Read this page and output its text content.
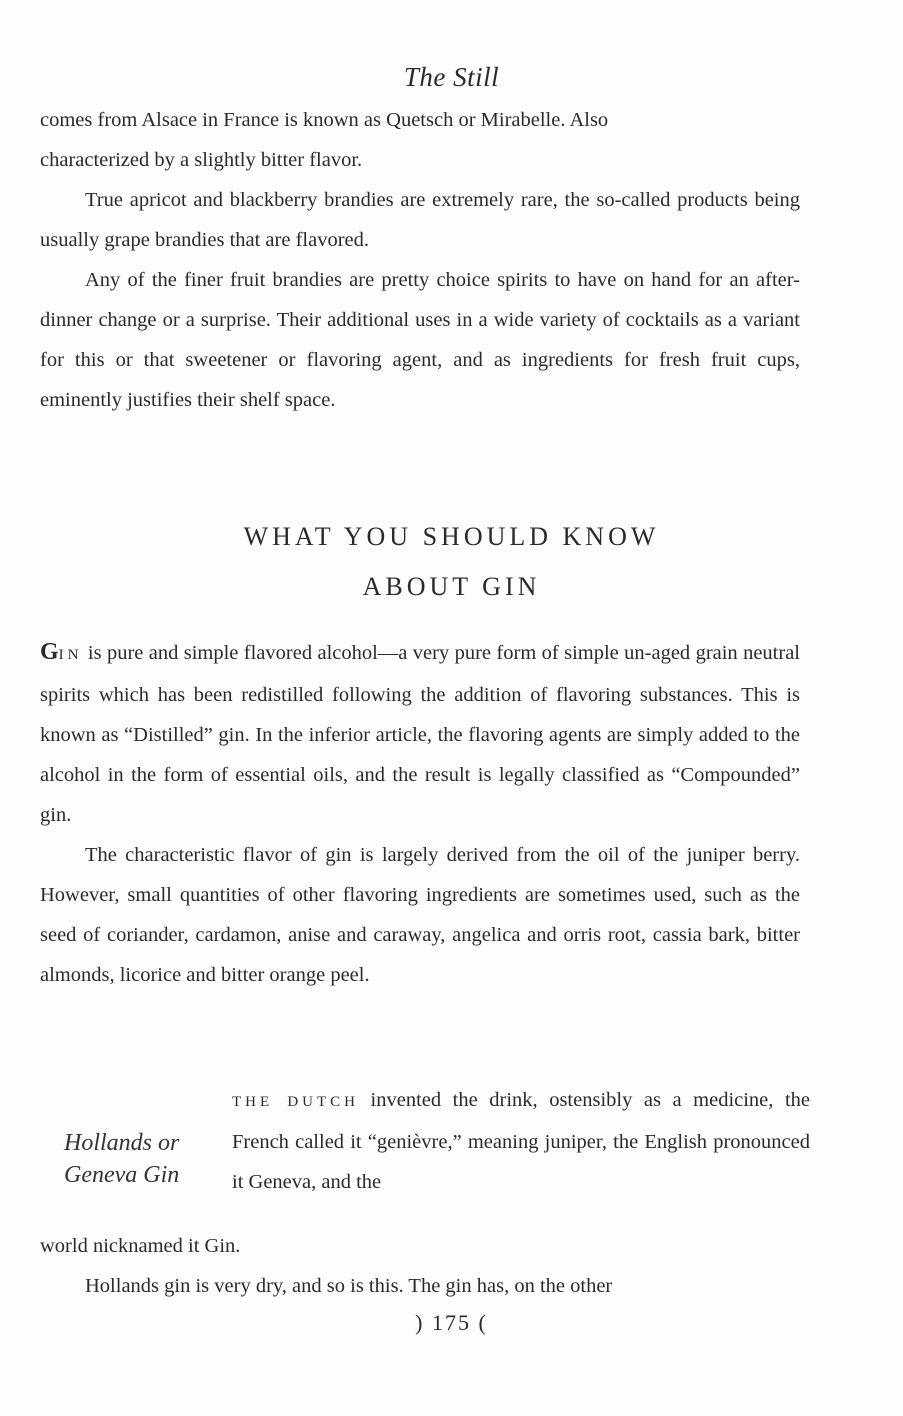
The Still

comes from Alsace in France is known as Quetsch or Mirabelle. Also
characterized by a slightly bitter flavor.

True apricot and blackberry brandies are extremely rare, the so-called products being usually grape brandies that are flavored.

Any of the finer fruit brandies are pretty choice spirits to have on hand for an after-dinner change or a surprise. Their additional uses in a wide variety of cocktails as a variant for this or that sweetener or flavoring agent, and as ingredients for fresh fruit cups, eminently justifies their shelf space.

WHAT YOU SHOULD KNOW
ABOUT GIN

GIN is pure and simple flavored alcohol—a very pure form of simple un-aged grain neutral spirits which has been redistilled following the addition of flavoring substances. This is known as “Distilled” gin. In the inferior article, the flavoring agents are simply added to the alcohol in the form of essential oils, and the result is legally classified as “Compounded” gin.

The characteristic flavor of gin is largely derived from the oil of the juniper berry. However, small quantities of other flavoring ingredients are sometimes used, such as the seed of coriander, cardamon, anise and caraway, angelica and orris root, cassia bark, bitter almonds, licorice and bitter orange peel.

Hollands or
Geneva Gin
THE DUTCH invented the drink, ostensibly as a medicine, the French called it “genièvre,” meaning juniper, the English pronounced it Geneva, and the

world nicknamed it Gin.

Hollands gin is very dry, and so is this. The gin has, on the other

) 175 (
